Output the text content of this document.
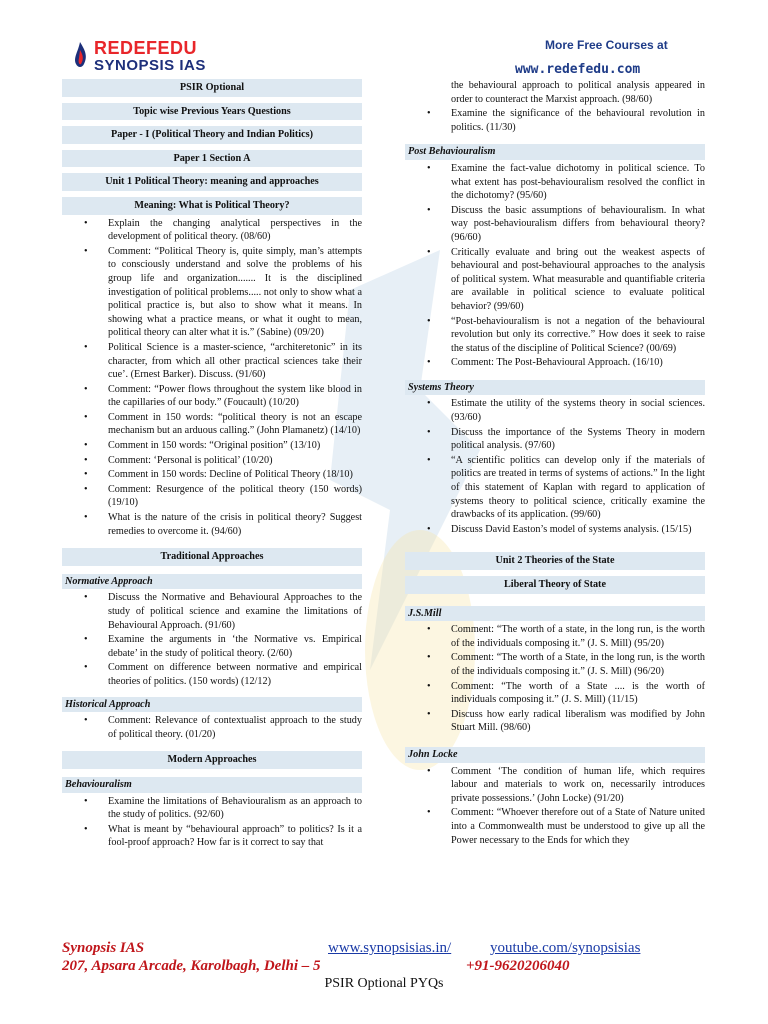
REDEFEDU
SYNOPSIS IAS
More Free Courses at
www.redefedu.com
PSIR Optional
Topic wise Previous Years Questions
Paper - I (Political Theory and Indian Politics)
Paper 1 Section A
Unit 1 Political Theory: meaning and approaches
Meaning: What is Political Theory?
• Explain the changing analytical perspectives in the development of political theory. (08/60)
• Comment: “Political Theory is, quite simply, man’s attempts to consciously understand and solve the problems of his group life and organization....... It is the disciplined investigation of political problems..... not only to show what a political practice is, but also to show what it means. In showing what a practice means, or what it ought to mean, political theory can alter what it is.” (Sabine) (09/20)
• Political Science is a master-science, “architeretonic” in its character, from which all other practical sciences take their cue’. (Ernest Barker). Discuss. (91/60)
• Comment: “Power flows throughout the system like blood in the capillaries of our body.” (Foucault) (10/20)
• Comment in 150 words: “political theory is not an escape mechanism but an arduous calling.” (John Plamanetz) (14/10)
• Comment in 150 words: “Original position” (13/10)
• Comment: ‘Personal is political’ (10/20)
• Comment in 150 words: Decline of Political Theory (18/10)
• Comment: Resurgence of the political theory (150 words) (19/10)
• What is the nature of the crisis in political theory? Suggest remedies to overcome it. (94/60)
Traditional Approaches
Normative Approach
• Discuss the Normative and Behavioural Approaches to the study of political science and examine the limitations of Behavioural Approach. (91/60)
• Examine the arguments in ‘the Normative vs. Empirical debate’ in the study of political theory. (2/60)
• Comment on difference between normative and empirical theories of politics. (150 words) (12/12)
Historical Approach
• Comment: Relevance of contextualist approach to the study of political theory. (01/20)
Modern Approaches
Behaviouralism
• Examine the limitations of Behaviouralism as an approach to the study of politics. (92/60)
• What is meant by “behavioural approach” to politics? Is it a fool-proof approach? How far is it correct to say that
the behavioural approach to political analysis appeared in order to counteract the Marxist approach. (98/60)
• Examine the significance of the behavioural revolution in politics. (11/30)
Post Behaviouralism
• Examine the fact-value dichotomy in political science. To what extent has post-behaviouralism resolved the conflict in the dichotomy? (95/60)
• Discuss the basic assumptions of behaviouralism. In what way post-behaviouralism differs from behavioural theory? (96/60)
• Critically evaluate and bring out the weakest aspects of behavioural and post-behavioural approaches to the analysis of political system. What measurable and quantifiable criteria are available in political science to evaluate political behavior? (99/60)
• “Post-behaviouralism is not a negation of the behavioural revolution but only its corrective.” How does it seek to raise the status of the discipline of Political Science? (00/69)
• Comment: The Post-Behavioural Approach. (16/10)
Systems Theory
• Estimate the utility of the systems theory in social sciences. (93/60)
• Discuss the importance of the Systems Theory in modern political analysis. (97/60)
• “A scientific politics can develop only if the materials of politics are treated in terms of systems of actions.” In the light of this statement of Kaplan with regard to application of systems theory to political science, critically examine the drawbacks of its application. (99/60)
• Discuss David Easton’s model of systems analysis. (15/15)
Unit 2 Theories of the State
Liberal Theory of State
J.S.Mill
• Comment: “The worth of a state, in the long run, is the worth of the individuals composing it.” (J. S. Mill) (95/20)
• Comment: “The worth of a State, in the long run, is the worth of the individuals composing it.” (J. S. Mill) (96/20)
• Comment: “The worth of a State .... is the worth of individuals composing it.” (J. S. Mill) (11/15)
• Discuss how early radical liberalism was modified by John Stuart Mill. (98/60)
John Locke
• Comment ‘The condition of human life, which requires labour and materials to work on, necessarily introduces private possessions.’ (John Locke) (91/20)
• Comment: “Whoever therefore out of a State of Nature united into a Commonwealth must be understood to give up all the Power necessary to the Ends for which they
Synopsis IAS
207, Apsara Arcade, Karolbagh, Delhi – 5
www.synopsisias.in/	youtube.com/synopsisias
+91-9620206040
PSIR Optional PYQs
